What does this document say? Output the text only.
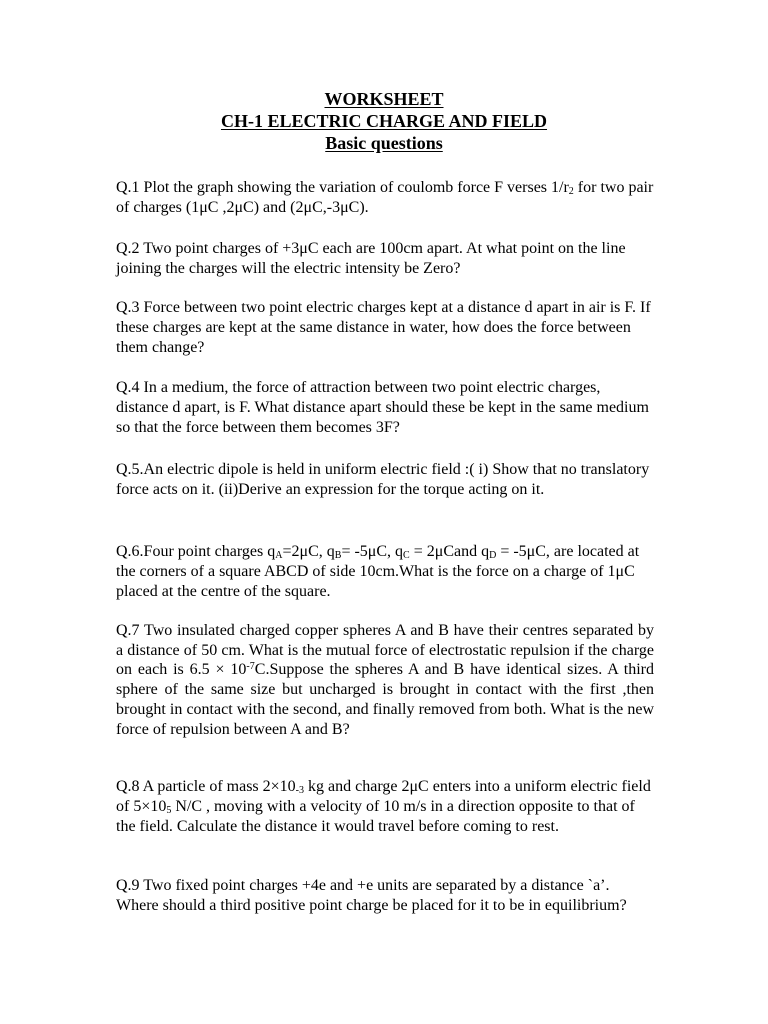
WORKSHEET
CH-1 ELECTRIC CHARGE AND FIELD
Basic questions

Q.1 Plot the graph showing the variation of coulomb force F verses $1/r_2$ for two pair of charges (1μC ,2μC) and (2μC,-3μC).

Q.2 Two point charges of +3μC each are 100cm apart. At what point on the line joining the charges will the electric intensity be Zero?

Q.3 Force between two point electric charges kept at a distance d apart in air is F. If these charges are kept at the same distance in water, how does the force between them change?

Q.4 In a medium, the force of attraction between two point electric charges, distance d apart, is F. What distance apart should these be kept in the same medium so that the force between them becomes 3F?

Q.5.An electric dipole is held in uniform electric field :( i) Show that no translatory force acts on it. (ii)Derive an expression for the torque acting on it.

Q.6.Four point charges $q_A=2\mu C$, $q_B= -5\mu C$, $q_C$ = 2μCand $q_D = -5\mu C$, are located at the corners of a square ABCD of side 10cm.What is the force on a charge of 1μC placed at the centre of the square.

Q.7 Two insulated charged copper spheres A and B have their centres separated by a distance of 50 cm. What is the mutual force of electrostatic repulsion if the charge on each is $6.5 \times 10^{-7}C.Suppose$ the spheres A and B have identical sizes. A third sphere of the same size but uncharged is brought in contact with the first ,then brought in contact with the second, and finally removed from both. What is the new force of repulsion between A and B?

Q.8 A particle of mass $2\times 10_{-3}$ kg and charge 2μC enters into a uniform electric field of $5\times 10_5$ N/C , moving with a velocity of 10 m/s in a direction opposite to that of the field. Calculate the distance it would travel before coming to rest.

Q.9 Two fixed point charges +4e and +e units are separated by a distance `a’. Where should a third positive point charge be placed for it to be in equilibrium?
